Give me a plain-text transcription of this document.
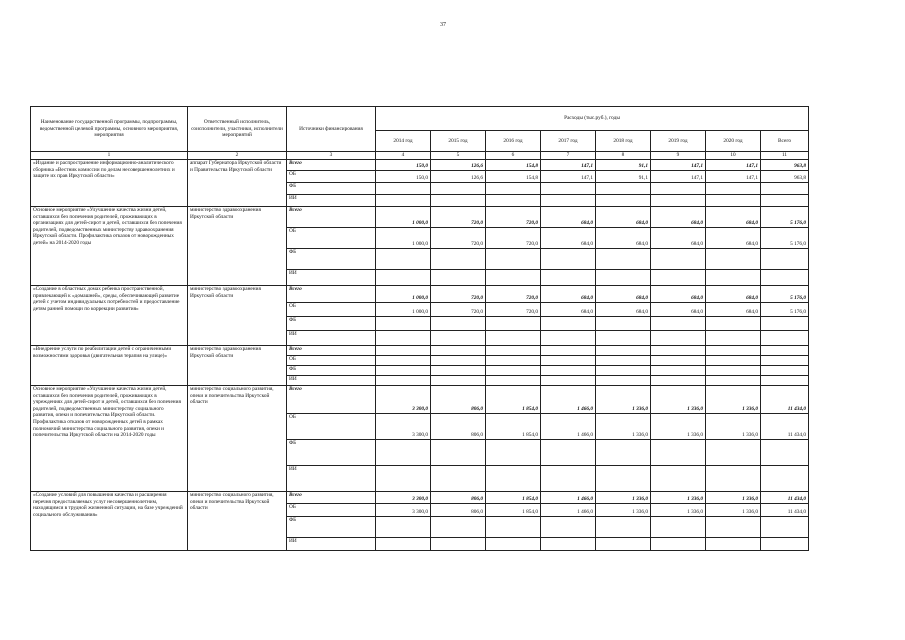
37
Наименование государственной программы, подпрограммы, ведомственной целевой программы, основного мероприятия, мероприятия	Ответственный исполнитель, соисполнители, участники, исполнители мероприятий	Источники финансирования	Расходы (тыс.руб.), годы							
			2014 год	2015 год	2016 год	2017 год	2018 год	2019 год	2020 год	Всего
1	2	3	4	5	6	7	8	9	10	11
«Издание и распространение информационно-аналитического сборника «Вестник комиссии по делам несовершеннолетних и защите их прав Иркутской области»	аппарат Губернатора Иркутской области и Правительства Иркутской области	Всего	150,0	126,6	154,8	147,1	91,1	147,1	147,1	963,8
		ОБ	150,0	126,6	154,8	147,1	91,1	147,1	147,1	963,8
		ФБ								
		ИИ								
Основное мероприятие «Улучшение качества жизни детей, оставшихся без попечения родителей, проживающих в организациях для детей-сирот и детей, оставшихся без попечения родителей, подведомственных министерству здравоохранения Иркутской области. Профилактика отказов от новорожденных детей» на 2014-2020 годы	министерство здравоохранения Иркутской области	Всего	1 000,0	720,0	720,0	684,0	684,0	684,0	684,0	5 176,0
		ОБ	1 000,0	720,0	720,0	684,0	684,0	684,0	684,0	5 176,0
		ФБ								
		ИИ								
«Создание в областных домах ребенка пространственной, привлекающей к «домашней», среды, обеспечивающей развитие детей с учетом индивидуальных потребностей и предоставление детям ранней помощи по коррекции развития»	министерство здравоохранения Иркутской области	Всего	1 000,0	720,0	720,0	684,0	684,0	684,0	684,0	5 176,0
		ОБ	1 000,0	720,0	720,0	684,0	684,0	684,0	684,0	5 176,0
		ФБ								
		ИИ								
«Внедрение услуги по реабилитации детей с ограниченными возможностями здоровья (двигательная терапия на улице)»	министерство здравоохранения Иркутской области	Всего								
		ОБ								
		ФБ								
		ИИ								
Основное мероприятие «Улучшение качества жизни детей, оставшихся без попечения родителей, проживающих в учреждениях для детей-сирот и детей, оставшихся без попечения родителей, подведомственных министерству социального развития, опеки и попечительства Иркутской области. Профилактика отказов от новорожденных детей в рамках полномочий министерства социального развития, опеки и попечительства Иркутской области на 2014-2020 годы	министерство социального развития, опеки и попечительства Иркутской области	Всего	3 300,0	806,0	1 854,0	1 466,0	1 336,0	1 336,0	1 336,0	11 434,0
		ОБ	3 300,0	806,0	1 854,0	1 466,0	1 336,0	1 336,0	1 336,0	11 434,0
		ФБ								
		ИИ								
«Создание условий для повышения качества и расширения перечня предоставляемых услуг несовершеннолетним, находящимся в трудной жизненной ситуации, на базе учреждений социального обслуживания»	министерство социального развития, опеки и попечительства Иркутской области	Всего	3 300,0	806,0	1 854,0	1 466,0	1 336,0	1 336,0	1 336,0	11 434,0
		ОБ	3 300,0	806,0	1 854,0	1 466,0	1 336,0	1 336,0	1 336,0	11 434,0
		ФБ								
		ИИ								
